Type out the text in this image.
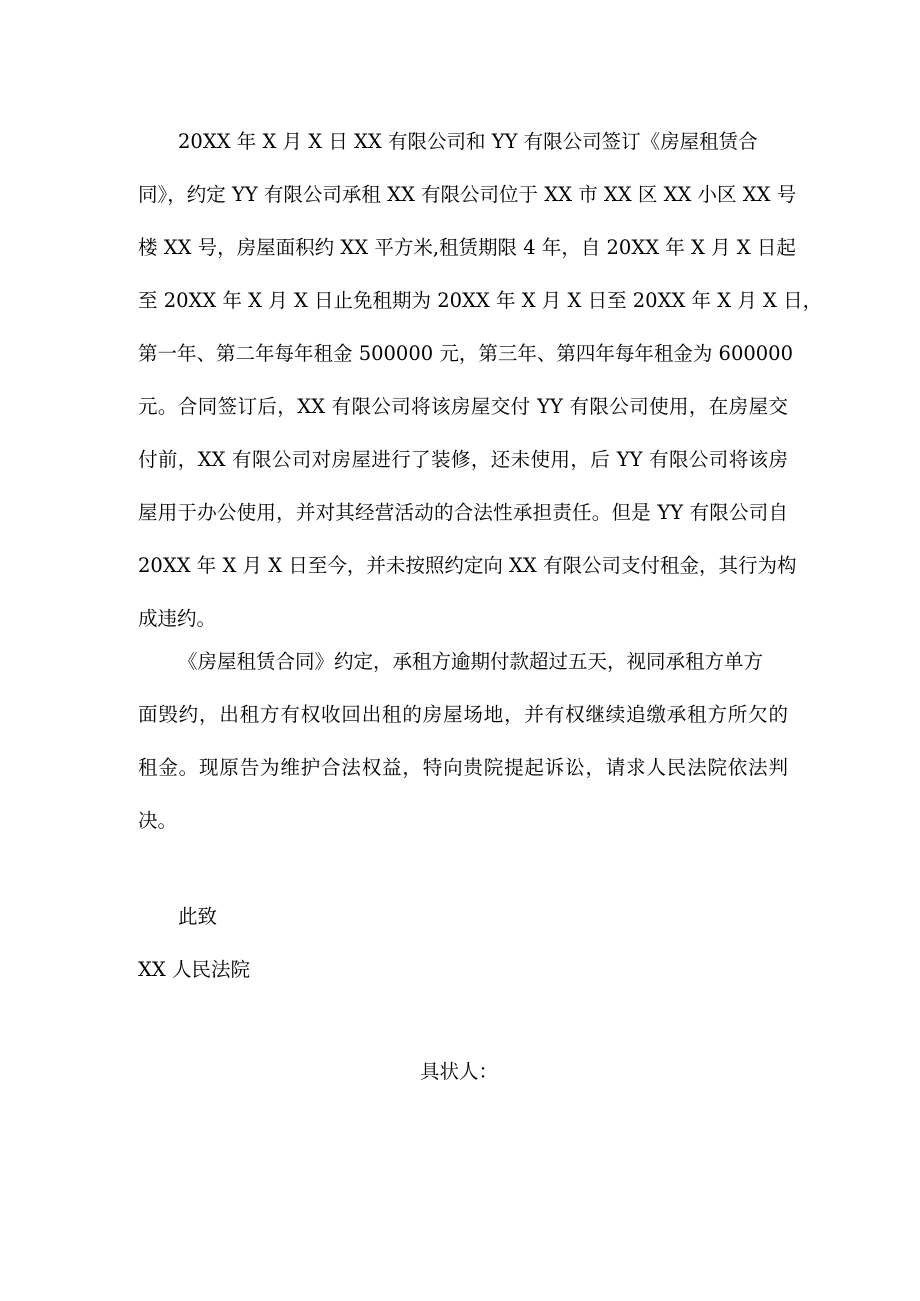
20XX 年 X 月 X 日 XX 有限公司和 YY 有限公司签订《房屋租赁合
同》，约定 YY 有限公司承租 XX 有限公司位于 XX 市 XX 区 XX 小区 XX 号
楼 XX 号，房屋面积约 XX 平方米,租赁期限 4 年，自 20XX 年 X 月 X 日起
至 20XX 年 X 月 X 日止免租期为 20XX 年 X 月 X 日至 20XX 年 X 月 X 日，
第一年、第二年每年租金 500000 元，第三年、第四年每年租金为 600000
元。合同签订后，XX 有限公司将该房屋交付 YY 有限公司使用，在房屋交
付前，XX 有限公司对房屋进行了装修，还未使用，后 YY 有限公司将该房
屋用于办公使用，并对其经营活动的合法性承担责任。但是 YY 有限公司自
20XX 年 X 月 X 日至今，并未按照约定向 XX 有限公司支付租金，其行为构
成违约。
《房屋租赁合同》约定，承租方逾期付款超过五天，视同承租方单方
面毁约，出租方有权收回出租的房屋场地，并有权继续追缴承租方所欠的
租金。现原告为维护合法权益，特向贵院提起诉讼，请求人民法院依法判
决。
此致
XX 人民法院
具状人：
